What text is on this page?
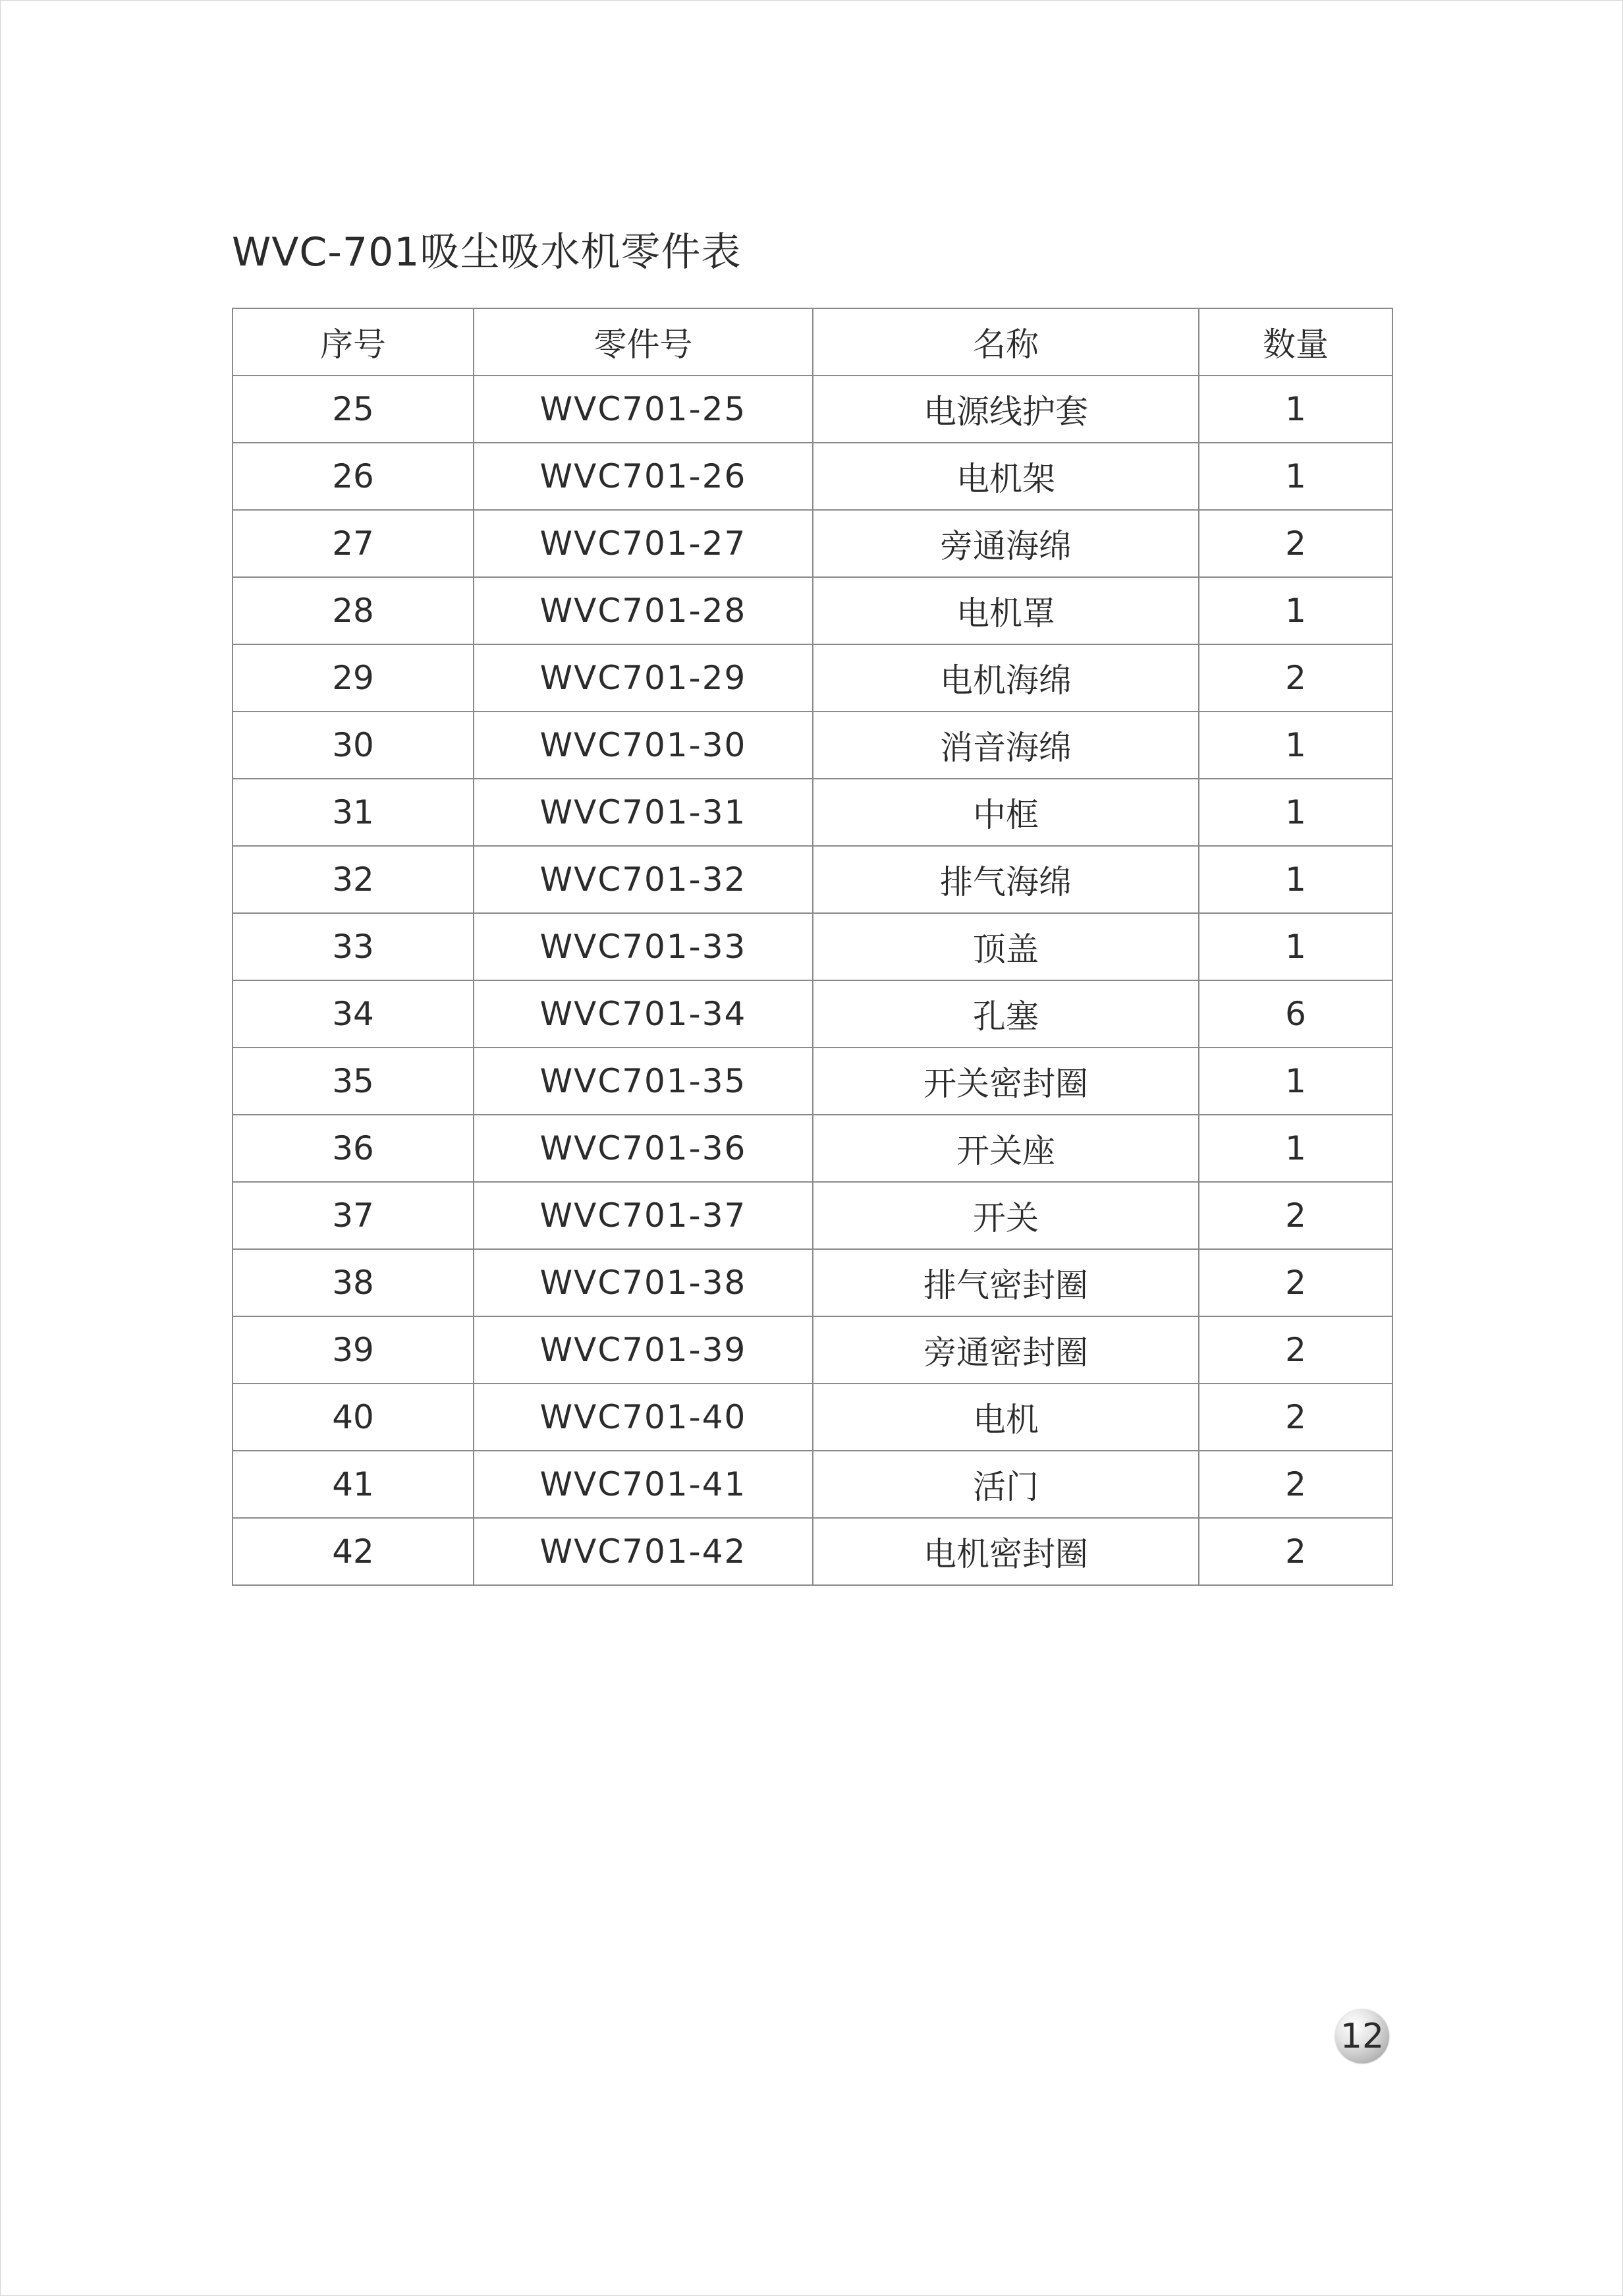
WVC-701吸尘吸水机零件表
序号	零件号	名称	数量
25	WVC701-25	电源线护套	1
26	WVC701-26	电机架	1
27	WVC701-27	旁通海绵	2
28	WVC701-28	电机罩	1
29	WVC701-29	电机海绵	2
30	WVC701-30	消音海绵	1
31	WVC701-31	中框	1
32	WVC701-32	排气海绵	1
33	WVC701-33	顶盖	1
34	WVC701-34	孔塞	6
35	WVC701-35	开关密封圈	1
36	WVC701-36	开关座	1
37	WVC701-37	开关	2
38	WVC701-38	排气密封圈	2
39	WVC701-39	旁通密封圈	2
40	WVC701-40	电机	2
41	WVC701-41	活门	2
42	WVC701-42	电机密封圈	2
12
